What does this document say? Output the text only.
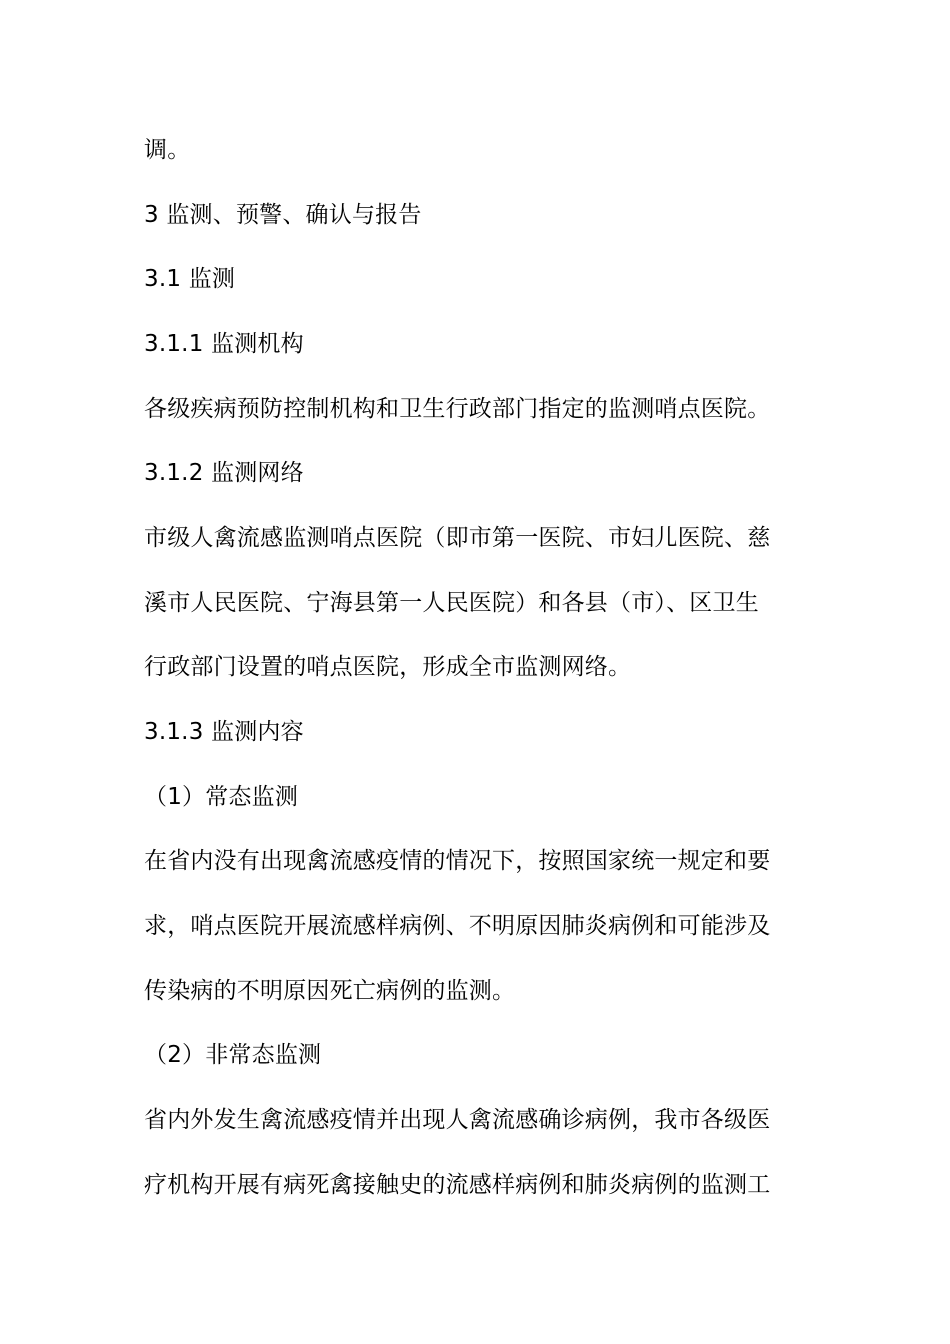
调。
3 监测、预警、确认与报告
3.1 监测
3.1.1 监测机构
各级疾病预防控制机构和卫生行政部门指定的监测哨点医院。
3.1.2 监测网络
市级人禽流感监测哨点医院（即市第一医院、市妇儿医院、慈
溪市人民医院、宁海县第一人民医院）和各县（市）、区卫生
行政部门设置的哨点医院，形成全市监测网络。
3.1.3 监测内容
（1）常态监测
在省内没有出现禽流感疫情的情况下，按照国家统一规定和要
求，哨点医院开展流感样病例、不明原因肺炎病例和可能涉及
传染病的不明原因死亡病例的监测。
（2）非常态监测
省内外发生禽流感疫情并出现人禽流感确诊病例，我市各级医
疗机构开展有病死禽接触史的流感样病例和肺炎病例的监测工
